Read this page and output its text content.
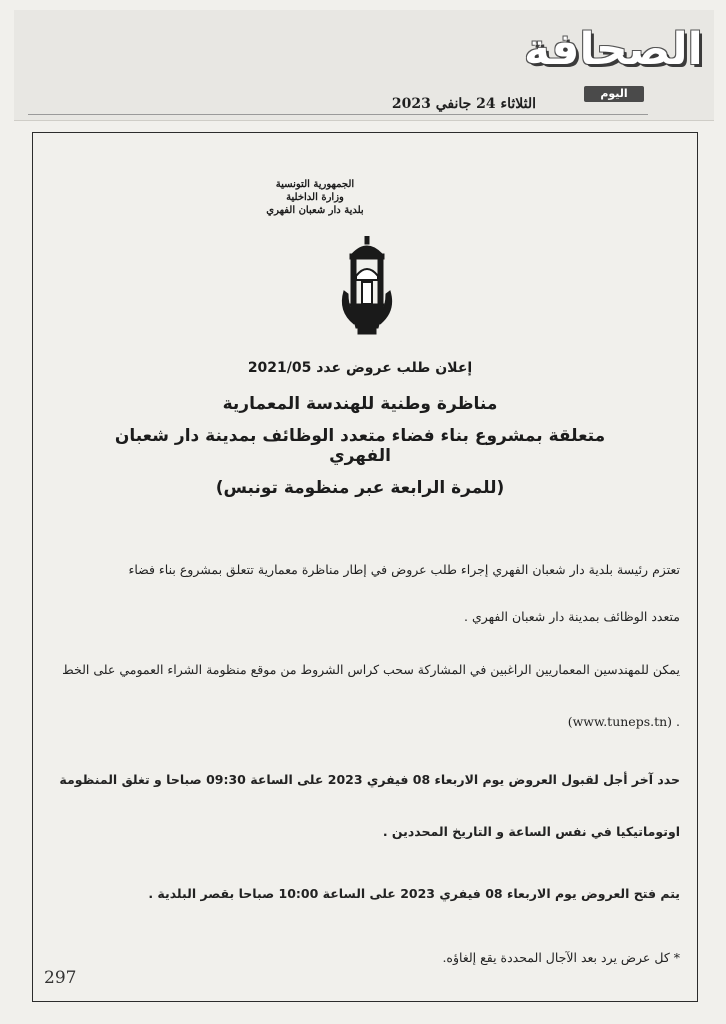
الثلاثاء 24 جانفي 2023
الصحافة
اليوم
الجمهورية التونسية
وزارة الداخلية
بلدية دار شعبان الفهري
إعلان طلب عروض عدد 2021/05
مناظرة وطنية للهندسة المعمارية
متعلقة بمشروع بناء فضاء متعدد الوظائف بمدينة دار شعبان الفهري
(للمرة الرابعة عبر منظومة تونبس)
تعتزم رئيسة بلدية دار شعبان الفهري إجراء طلب عروض في إطار مناظرة معمارية تتعلق بمشروع بناء فضاء
متعدد الوظائف بمدينة دار شعبان الفهري .
يمكن للمهندسين المعماريين الراغبين في المشاركة سحب كراس الشروط من موقع منظومة الشراء العمومي على الخط
. (www.tuneps.tn)
حدد آخر أجل لقبول العروض يوم الاربعاء 08 فيفري 2023 على الساعة 09:30 صباحا و تغلق المنظومة
اوتوماتيكيا في نفس الساعة و التاريخ المحددين .
يتم فتح العروض يوم الاربعاء 08 فيفري 2023 على الساعة 10:00 صباحا بقصر البلدية .
* كل عرض يرد بعد الآجال المحددة يقع إلغاؤه.
297
